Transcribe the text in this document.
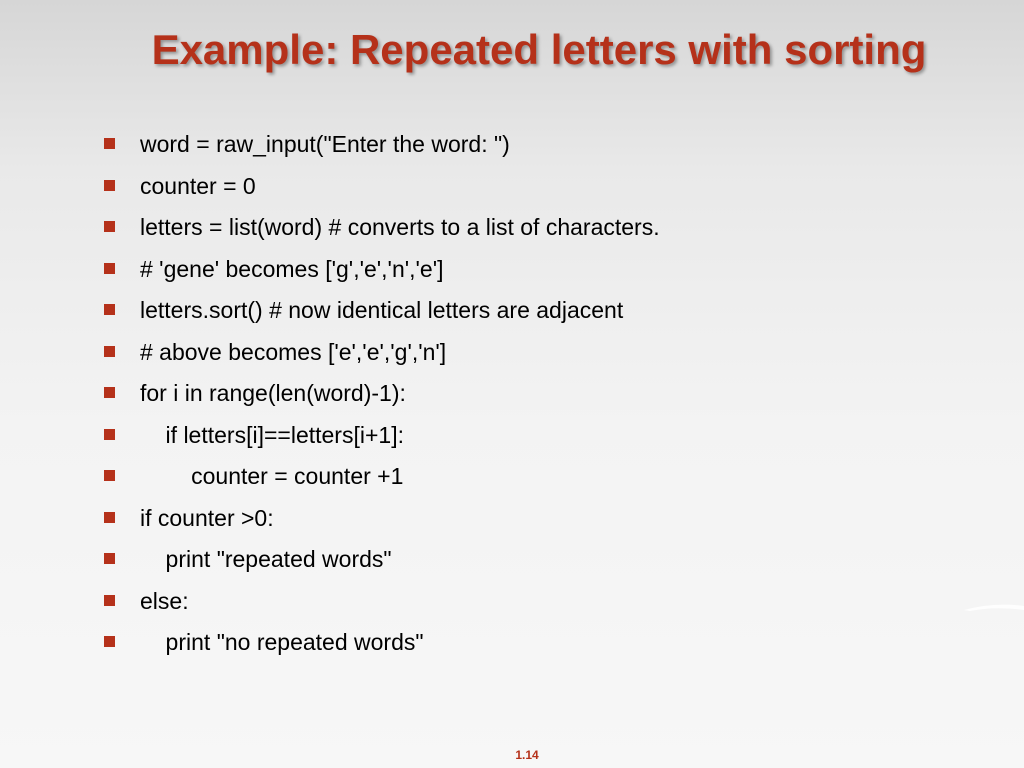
Example: Repeated letters with sorting
word = raw_input("Enter the word: ")
counter = 0
letters = list(word) # converts to a list of characters.
# 'gene' becomes ['g','e','n','e']
letters.sort() # now identical letters are adjacent
# above becomes ['e','e','g','n']
for i in range(len(word)-1):
if letters[i]==letters[i+1]:
counter = counter +1
if counter >0:
print "repeated words"
else:
print "no repeated words"
1.14
